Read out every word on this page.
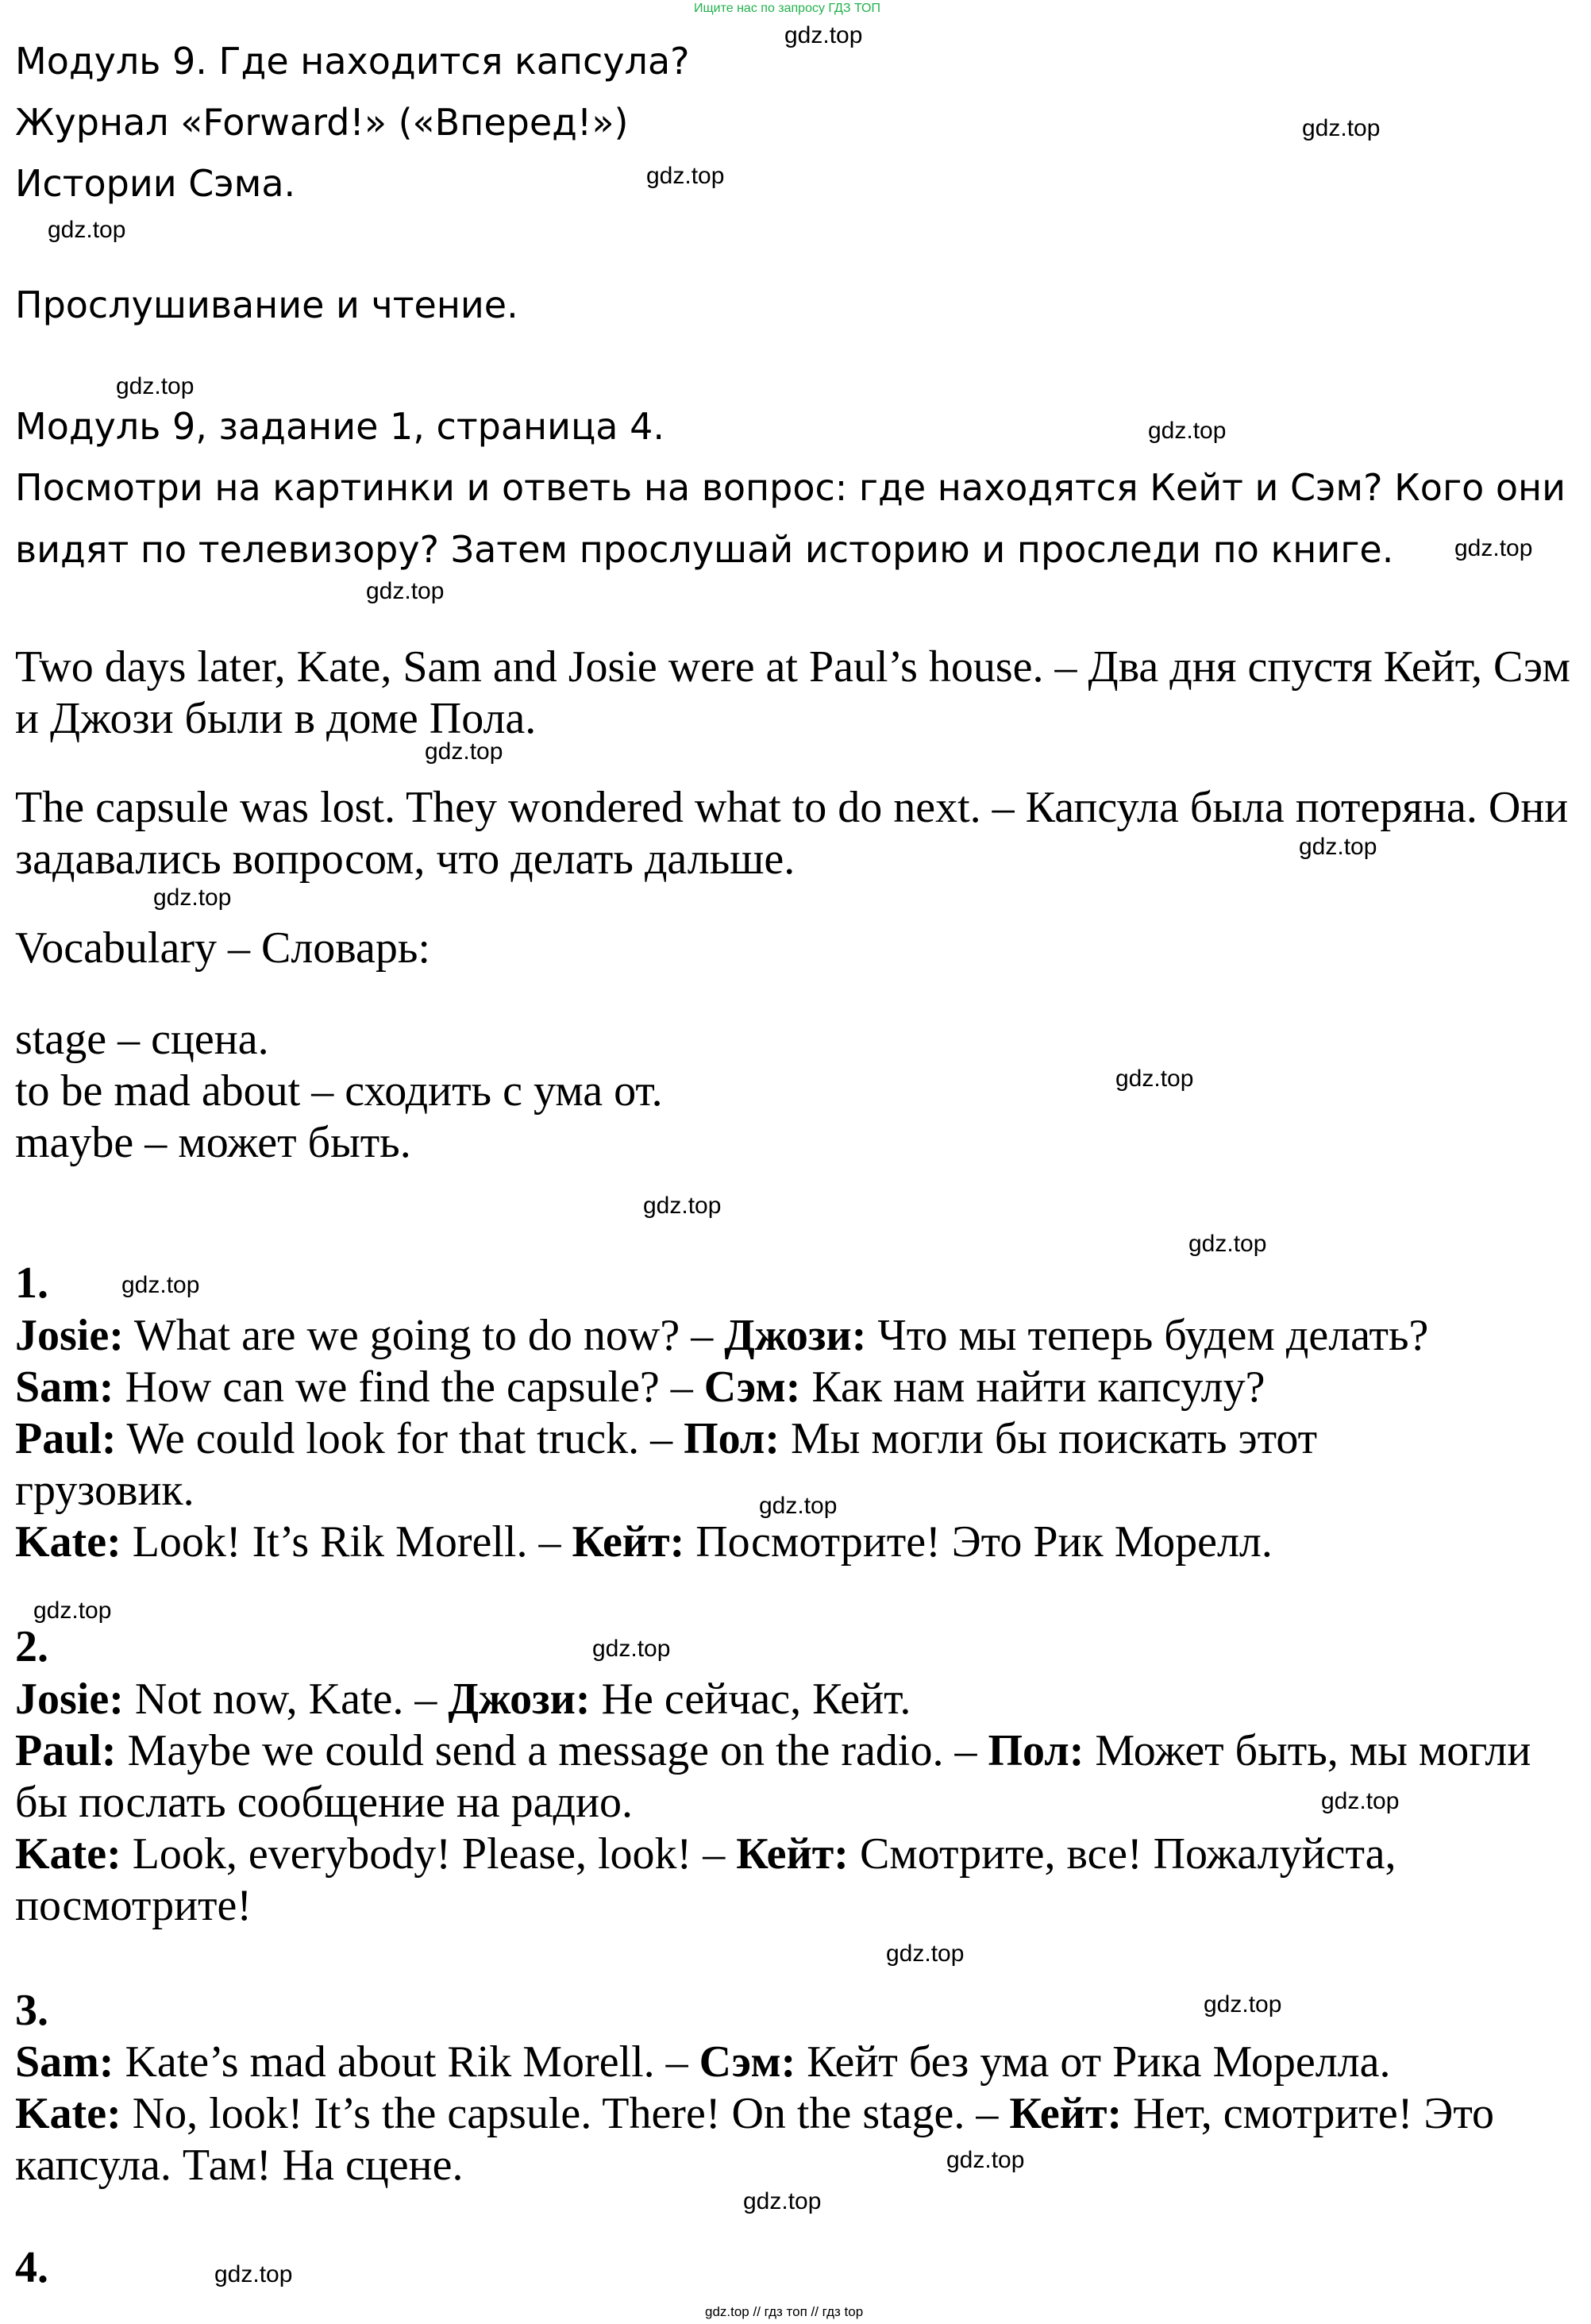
Ищите нас по запросу ГДЗ ТОП
gdz.top // гдз топ // гдз top

Модуль 9. Где находится капсула?

Журнал «Forward!» («Вперед!»)

Истории Сэма.

Прослушивание и чтение.

Модуль 9, задание 1, страница 4.

Посмотри на картинки и ответь на вопрос: где находятся Кейт и Сэм? Кого они

видят по телевизору? Затем прослушай историю и проследи по книге.

Two days later, Kate, Sam and Josie were at Paul’s house. – Два дня спустя Кейт, Сэм и Джози были в доме Пола.

The capsule was lost. They wondered what to do next. – Капсула была потеряна. Они задавались вопросом, что делать дальше.

Vocabulary – Словарь:

stage – сцена.

to be mad about – сходить с ума от.

maybe – может быть.

1.

Josie: What are we going to do now? – Джози: Что мы теперь будем делать?

Sam: How can we find the capsule? – Сэм: Как нам найти капсулу?

Paul: We could look for that truck. – Пол: Мы могли бы поискать этот грузовик.

Kate: Look! It’s Rik Morell. – Кейт: Посмотрите! Это Рик Морелл.

2.

Josie: Not now, Kate. – Джози: Не сейчас, Кейт.

Paul: Maybe we could send a message on the radio. – Пол: Может быть, мы могли бы послать сообщение на радио.

Kate: Look, everybody! Please, look! – Кейт: Смотрите, все! Пожалуйста, посмотрите!

3.

Sam: Kate’s mad about Rik Morell. – Сэм: Кейт без ума от Рика Морелла.

Kate: No, look! It’s the capsule. There! On the stage. – Кейт: Нет, смотрите! Это капсула. Там! На сцене.

4.
gdz.top
gdz.top
gdz.top
gdz.top
gdz.top
gdz.top
gdz.top
gdz.top
gdz.top
gdz.top
gdz.top
gdz.top
gdz.top
gdz.top
gdz.top
gdz.top
gdz.top
gdz.top
gdz.top
gdz.top
gdz.top
gdz.top
gdz.top
gdz.top
